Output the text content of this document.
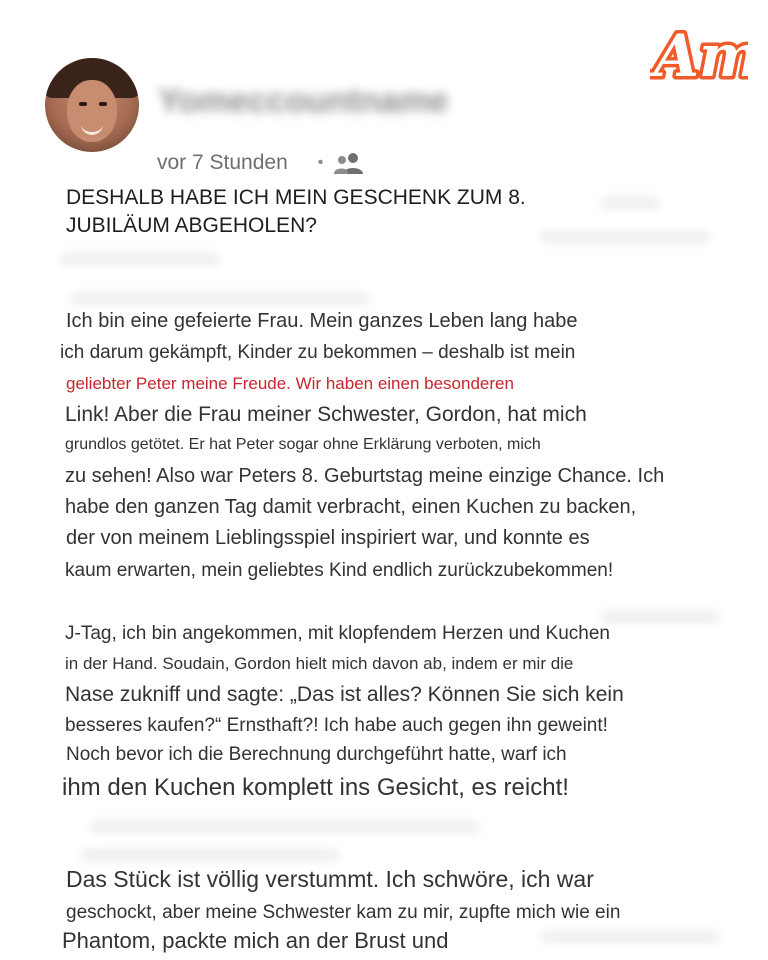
Yomeccountname
vor 7 Stunden •
A
A
DESHALB HABE ICH MEIN GESCHENK ZUM 8. JUBILÄUM ABGEHOLEN?
Ich bin eine gefeierte Frau. Mein ganzes Leben lang habe
ich darum gekämpft, Kinder zu bekommen – deshalb ist mein
geliebter Peter meine Freude. Wir haben einen besonderen
Link! Aber die Frau meiner Schwester, Gordon, hat mich
grundlos getötet. Er hat Peter sogar ohne Erklärung verboten, mich
zu sehen! Also war Peters 8. Geburtstag meine einzige Chance. Ich
habe den ganzen Tag damit verbracht, einen Kuchen zu backen,
der von meinem Lieblingsspiel inspiriert war, und konnte es
kaum erwarten, mein geliebtes Kind endlich zurückzubekommen!
J-Tag, ich bin angekommen, mit klopfendem Herzen und Kuchen
in der Hand. Soudain, Gordon hielt mich davon ab, indem er mir die
Nase zukniff und sagte: „Das ist alles? Können Sie sich kein
besseres kaufen?“ Ernsthaft?! Ich habe auch gegen ihn geweint!
Noch bevor ich die Berechnung durchgeführt hatte, warf ich
ihm den Kuchen komplett ins Gesicht, es reicht!
Das Stück ist völlig verstummt. Ich schwöre, ich war
geschockt, aber meine Schwester kam zu mir, zupfte mich wie ein
Phantom, packte mich an der Brust und
